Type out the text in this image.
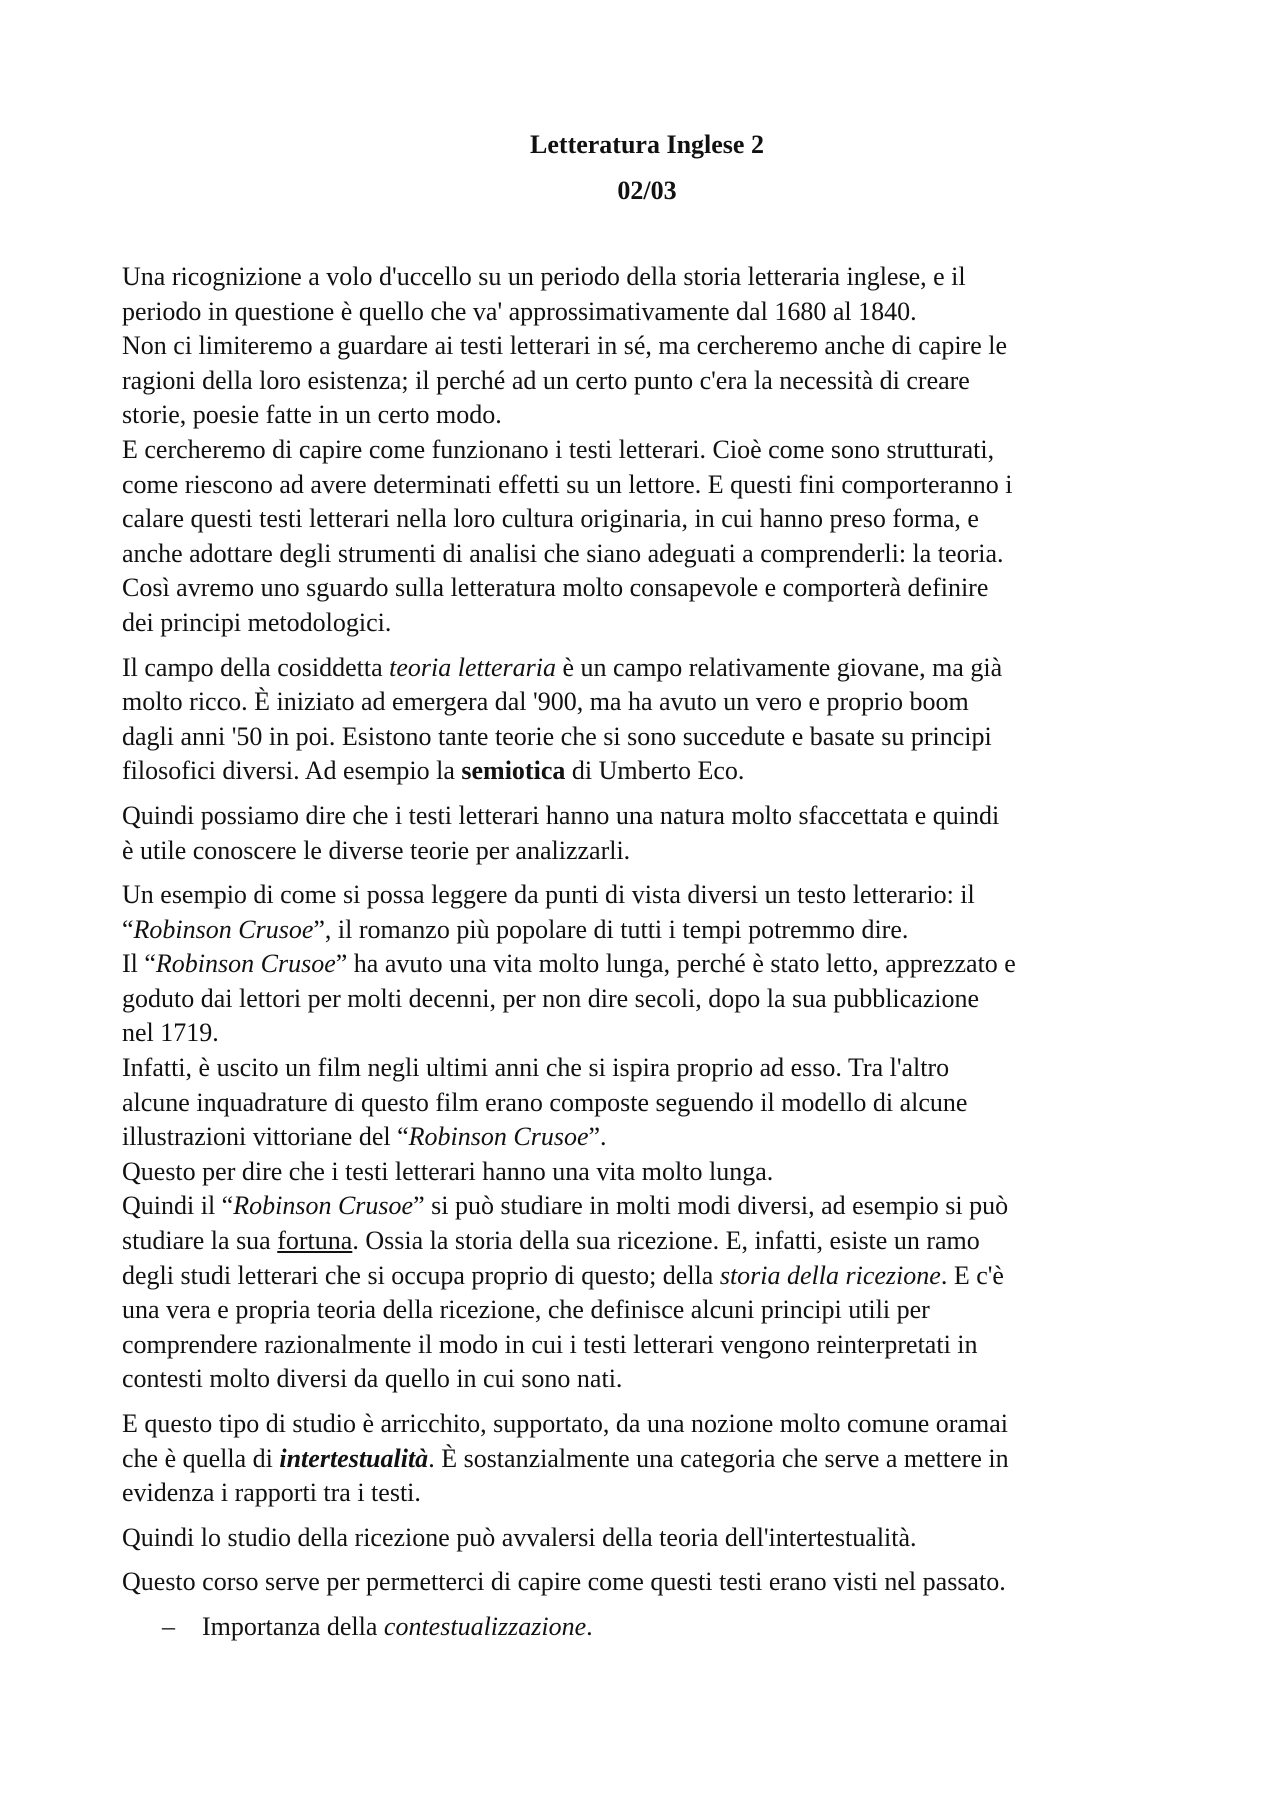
Letteratura Inglese 2

02/03

Una ricognizione a volo d'uccello su un periodo della storia letteraria inglese, e il
periodo in questione è quello che va' approssimativamente dal 1680 al 1840.
Non ci limiteremo a guardare ai testi letterari in sé, ma cercheremo anche di capire le
ragioni della loro esistenza; il perché ad un certo punto c'era la necessità di creare
storie, poesie fatte in un certo modo.
E cercheremo di capire come funzionano i testi letterari. Cioè come sono strutturati,
come riescono ad avere determinati effetti su un lettore. E questi fini comporteranno i
calare questi testi letterari nella loro cultura originaria, in cui hanno preso forma, e
anche adottare degli strumenti di analisi che siano adeguati a comprenderli: la teoria.
Così avremo uno sguardo sulla letteratura molto consapevole e comporterà definire
dei principi metodologici.
Il campo della cosiddetta teoria letteraria è un campo relativamente giovane, ma già
molto ricco. È iniziato ad emergera dal '900, ma ha avuto un vero e proprio boom
dagli anni '50 in poi. Esistono tante teorie che si sono succedute e basate su principi
filosofici diversi. Ad esempio la semiotica di Umberto Eco.
Quindi possiamo dire che i testi letterari hanno una natura molto sfaccettata e quindi
è utile conoscere le diverse teorie per analizzarli.
Un esempio di come si possa leggere da punti di vista diversi un testo letterario: il
“Robinson Crusoe”, il romanzo più popolare di tutti i tempi potremmo dire.
Il “Robinson Crusoe” ha avuto una vita molto lunga, perché è stato letto, apprezzato e
goduto dai lettori per molti decenni, per non dire secoli, dopo la sua pubblicazione
nel 1719.
Infatti, è uscito un film negli ultimi anni che si ispira proprio ad esso. Tra l'altro
alcune inquadrature di questo film erano composte seguendo il modello di alcune
illustrazioni vittoriane del “Robinson Crusoe”.
Questo per dire che i testi letterari hanno una vita molto lunga.
Quindi il “Robinson Crusoe” si può studiare in molti modi diversi, ad esempio si può
studiare la sua fortuna. Ossia la storia della sua ricezione. E, infatti, esiste un ramo
degli studi letterari che si occupa proprio di questo; della storia della ricezione. E c'è
una vera e propria teoria della ricezione, che definisce alcuni principi utili per
comprendere razionalmente il modo in cui i testi letterari vengono reinterpretati in
contesti molto diversi da quello in cui sono nati.
E questo tipo di studio è arricchito, supportato, da una nozione molto comune oramai
che è quella di intertestualità. È sostanzialmente una categoria che serve a mettere in
evidenza i rapporti tra i testi.
Quindi lo studio della ricezione può avvalersi della teoria dell'intertestualità.
Questo corso serve per permetterci di capire come questi testi erano visti nel passato.
– Importanza della contestualizzazione.
